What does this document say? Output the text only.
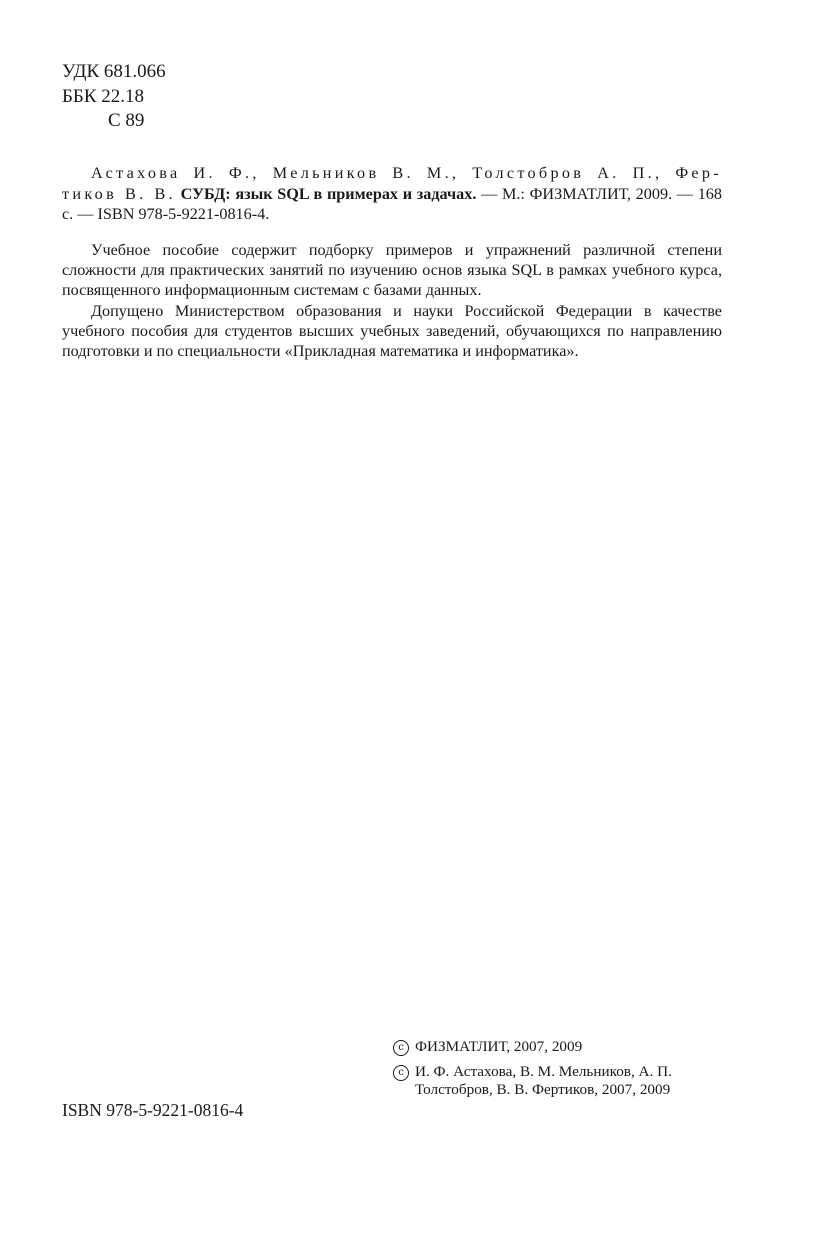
УДК 681.066
ББК 22.18
С 89

Астахова И. Ф., Мельников В. М., Толстобров А. П., Фер- тиков В. В. СУБД: язык SQL в примерах и задачах. — М.: ФИЗМАТЛИТ, 2009. — 168 с. — ISBN 978-5-9221-0816-4.

Учебное пособие содержит подборку примеров и упражнений различной степени сложности для практических занятий по изучению основ языка SQL в рамках учебного курса, посвященного информационным системам с базами данных.

Допущено Министерством образования и науки Российской Федерации в качестве учебного пособия для студентов высших учебных заведений, обучающихся по направлению подготовки и по специальности «Прикладная математика и информатика».

ISBN 978-5-9221-0816-4
c ФИЗМАТЛИТ, 2007, 2009
c И. Ф. Астахова, В. М. Мельников, А. П. Толстобров, В. В. Фертиков, 2007, 2009
